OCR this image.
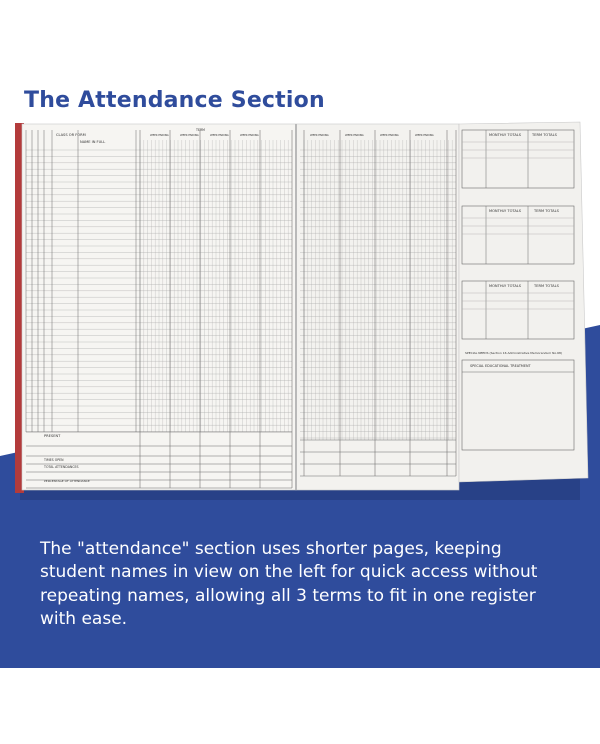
The Attendance Section
CLASS OR FORM
NAME IN FULL
TERM
WEEK ENDING	WEEK ENDING	WEEK ENDING	WEEK ENDING	WEEK ENDING	WEEK ENDING	WEEK ENDING	WEEK ENDING
PRESENT
TIMES OPEN
TOTAL ATTENDANCES
PERCENTAGE OF ATTENDANCE
MONTHLY TOTALS	TERM TOTALS
MONTHLY TOTALS	TERM TOTALS
MONTHLY TOTALS	TERM TOTALS
SPECIAL NEEDS (Section 16 Administrative Memorandum No.68)
SPECIAL EDUCATIONAL TREATMENT

The "attendance" section uses shorter pages, keeping student names in view on the left for quick access without repeating names, allowing all 3 terms to fit in one register with ease.
